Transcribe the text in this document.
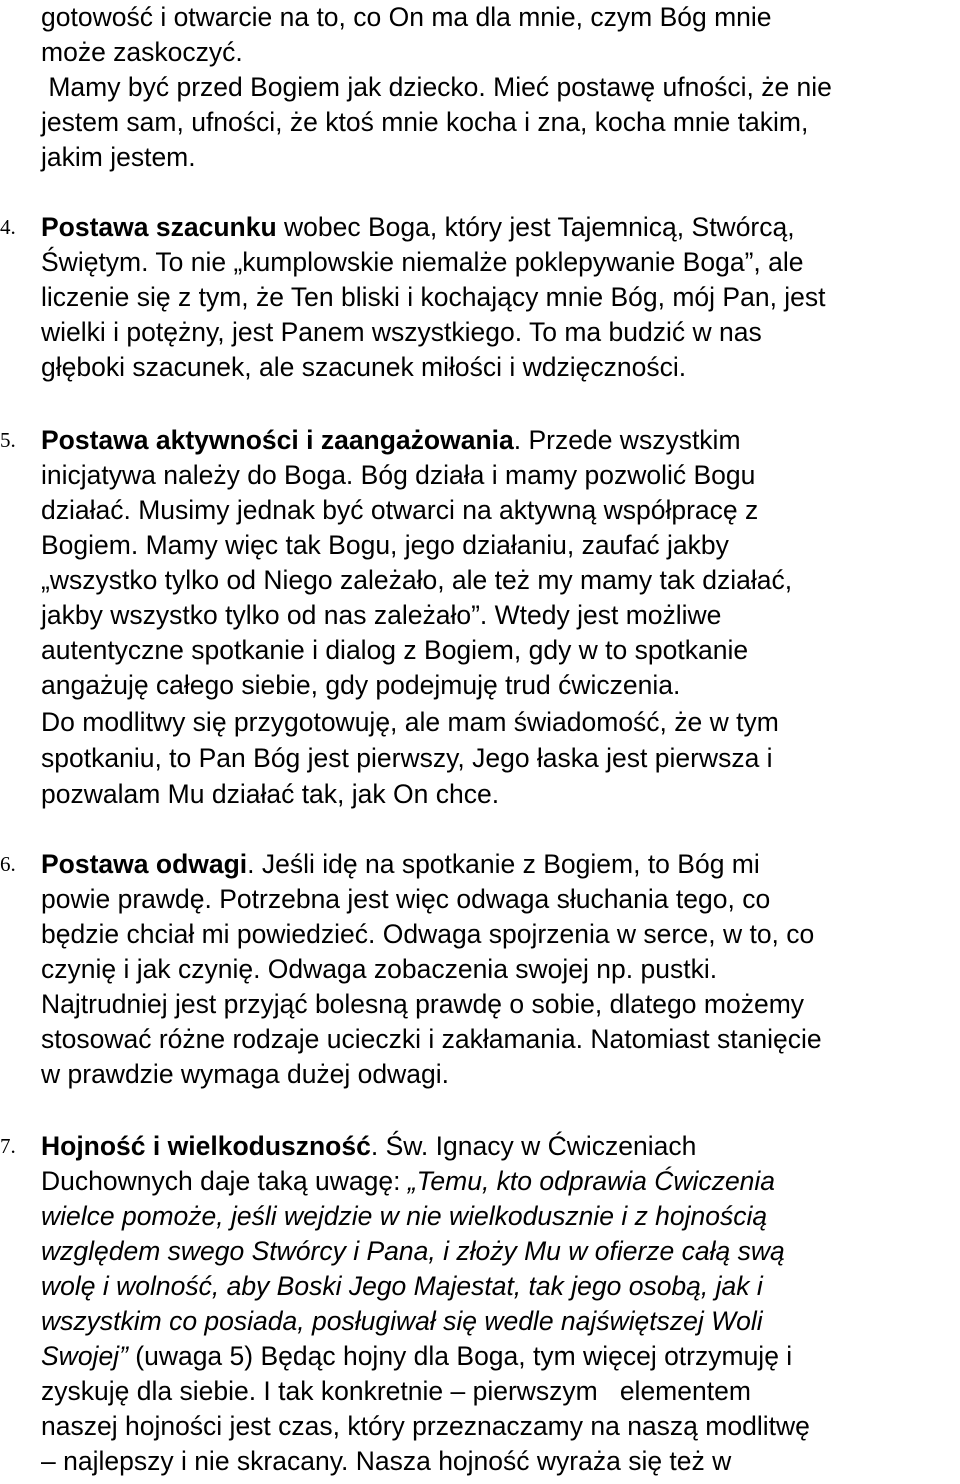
gotowość i otwarcie na to, co On ma dla mnie, czym Bóg mnie
może zaskoczyć.
Mamy być przed Bogiem jak dziecko. Mieć postawę ufności, że nie
jestem sam, ufności, że ktoś mnie kocha i zna, kocha mnie takim,
jakim jestem.
4. Postawa szacunku wobec Boga, który jest Tajemnicą, Stwórcą,
Świętym. To nie „kumplowskie niemalże poklepywanie Boga”, ale
liczenie się z tym, że Ten bliski i kochający mnie Bóg, mój Pan, jest
wielki i potężny, jest Panem wszystkiego. To ma budzić w nas
głęboki szacunek, ale szacunek miłości i wdzięczności.
5. Postawa aktywności i zaangażowania. Przede wszystkim
inicjatywa należy do Boga. Bóg działa i mamy pozwolić Bogu
działać. Musimy jednak być otwarci na aktywną współpracę z
Bogiem. Mamy więc tak Bogu, jego działaniu, zaufać jakby
„wszystko tylko od Niego zależało, ale też my mamy tak działać,
jakby wszystko tylko od nas zależało”. Wtedy jest możliwe
autentyczne spotkanie i dialog z Bogiem, gdy w to spotkanie
angażuję całego siebie, gdy podejmuję trud ćwiczenia.
Do modlitwy się przygotowuję, ale mam świadomość, że w tym
spotkaniu, to Pan Bóg jest pierwszy, Jego łaska jest pierwsza i
pozwalam Mu działać tak, jak On chce.
6. Postawa odwagi. Jeśli idę na spotkanie z Bogiem, to Bóg mi
powie prawdę. Potrzebna jest więc odwaga słuchania tego, co
będzie chciał mi powiedzieć. Odwaga spojrzenia w serce, w to, co
czynię i jak czynię. Odwaga zobaczenia swojej np. pustki.
Najtrudniej jest przyjąć bolesną prawdę o sobie, dlatego możemy
stosować różne rodzaje ucieczki i zakłamania. Natomiast stanięcie
w prawdzie wymaga dużej odwagi.
7. Hojność i wielkoduszność. Św. Ignacy w Ćwiczeniach
Duchownych daje taką uwagę: „Temu, kto odprawia Ćwiczenia
wielce pomoże, jeśli wejdzie w nie wielkodusznie i z hojnością
względem swego Stwórcy i Pana, i złoży Mu w ofierze całą swą
wolę i wolność, aby Boski Jego Majestat, tak jego osobą, jak i
wszystkim co posiada, posługiwał się wedle najświętszej Woli
Swojej” (uwaga 5) Będąc hojny dla Boga, tym więcej otrzymuję i
zyskuję dla siebie. I tak konkretnie – pierwszym   elementem
naszej hojności jest czas, który przeznaczamy na naszą modlitwę
– najlepszy i nie skracany. Nasza hojność wyraża się też w
